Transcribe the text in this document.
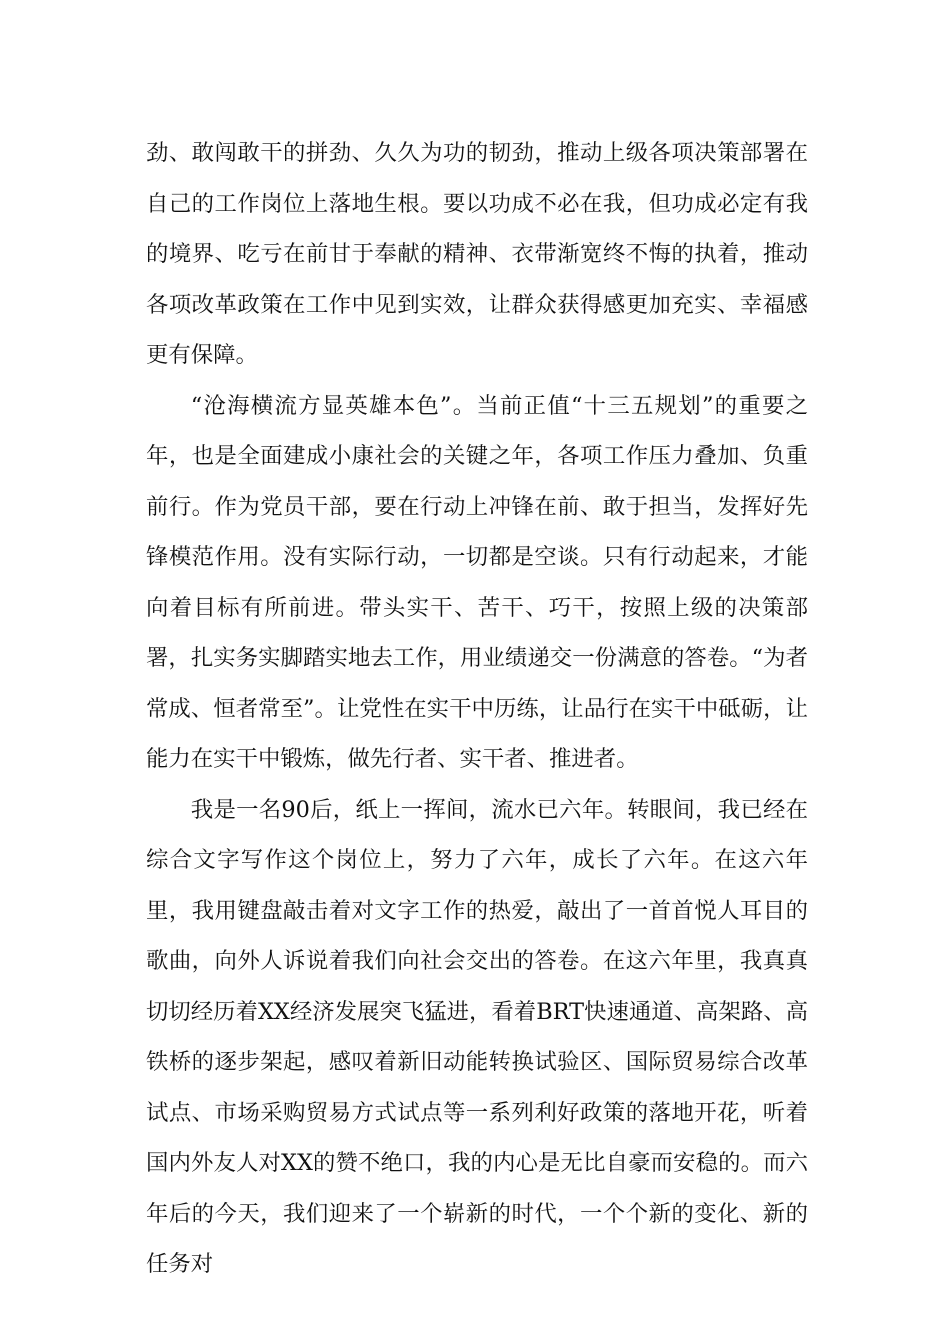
劲、敢闯敢干的拼劲、久久为功的韧劲，推动上级各项决策部署在自己的工作岗位上落地生根。要以功成不必在我，但功成必定有我的境界、吃亏在前甘于奉献的精神、衣带渐宽终不悔的执着，推动各项改革政策在工作中见到实效，让群众获得感更加充实、幸福感更有保障。

“沧海横流方显英雄本色”。当前正值“十三五规划”的重要之年，也是全面建成小康社会的关键之年，各项工作压力叠加、负重前行。作为党员干部，要在行动上冲锋在前、敢于担当，发挥好先锋模范作用。没有实际行动，一切都是空谈。只有行动起来，才能向着目标有所前进。带头实干、苦干、巧干，按照上级的决策部署，扎实务实脚踏实地去工作，用业绩递交一份满意的答卷。“为者常成、恒者常至”。让党性在实干中历练，让品行在实干中砥砺，让能力在实干中锻炼，做先行者、实干者、推进者。

我是一名90后，纸上一挥间，流水已六年。转眼间，我已经在综合文字写作这个岗位上，努力了六年，成长了六年。在这六年里，我用键盘敲击着对文字工作的热爱，敲出了一首首悦人耳目的歌曲，向外人诉说着我们向社会交出的答卷。在这六年里，我真真切切经历着XX经济发展突飞猛进，看着BRT快速通道、高架路、高铁桥的逐步架起，感叹着新旧动能转换试验区、国际贸易综合改革试点、市场采购贸易方式试点等一系列利好政策的落地开花，听着国内外友人对XX的赞不绝口，我的内心是无比自豪而安稳的。而六年后的今天，我们迎来了一个崭新的时代，一个个新的变化、新的任务对
